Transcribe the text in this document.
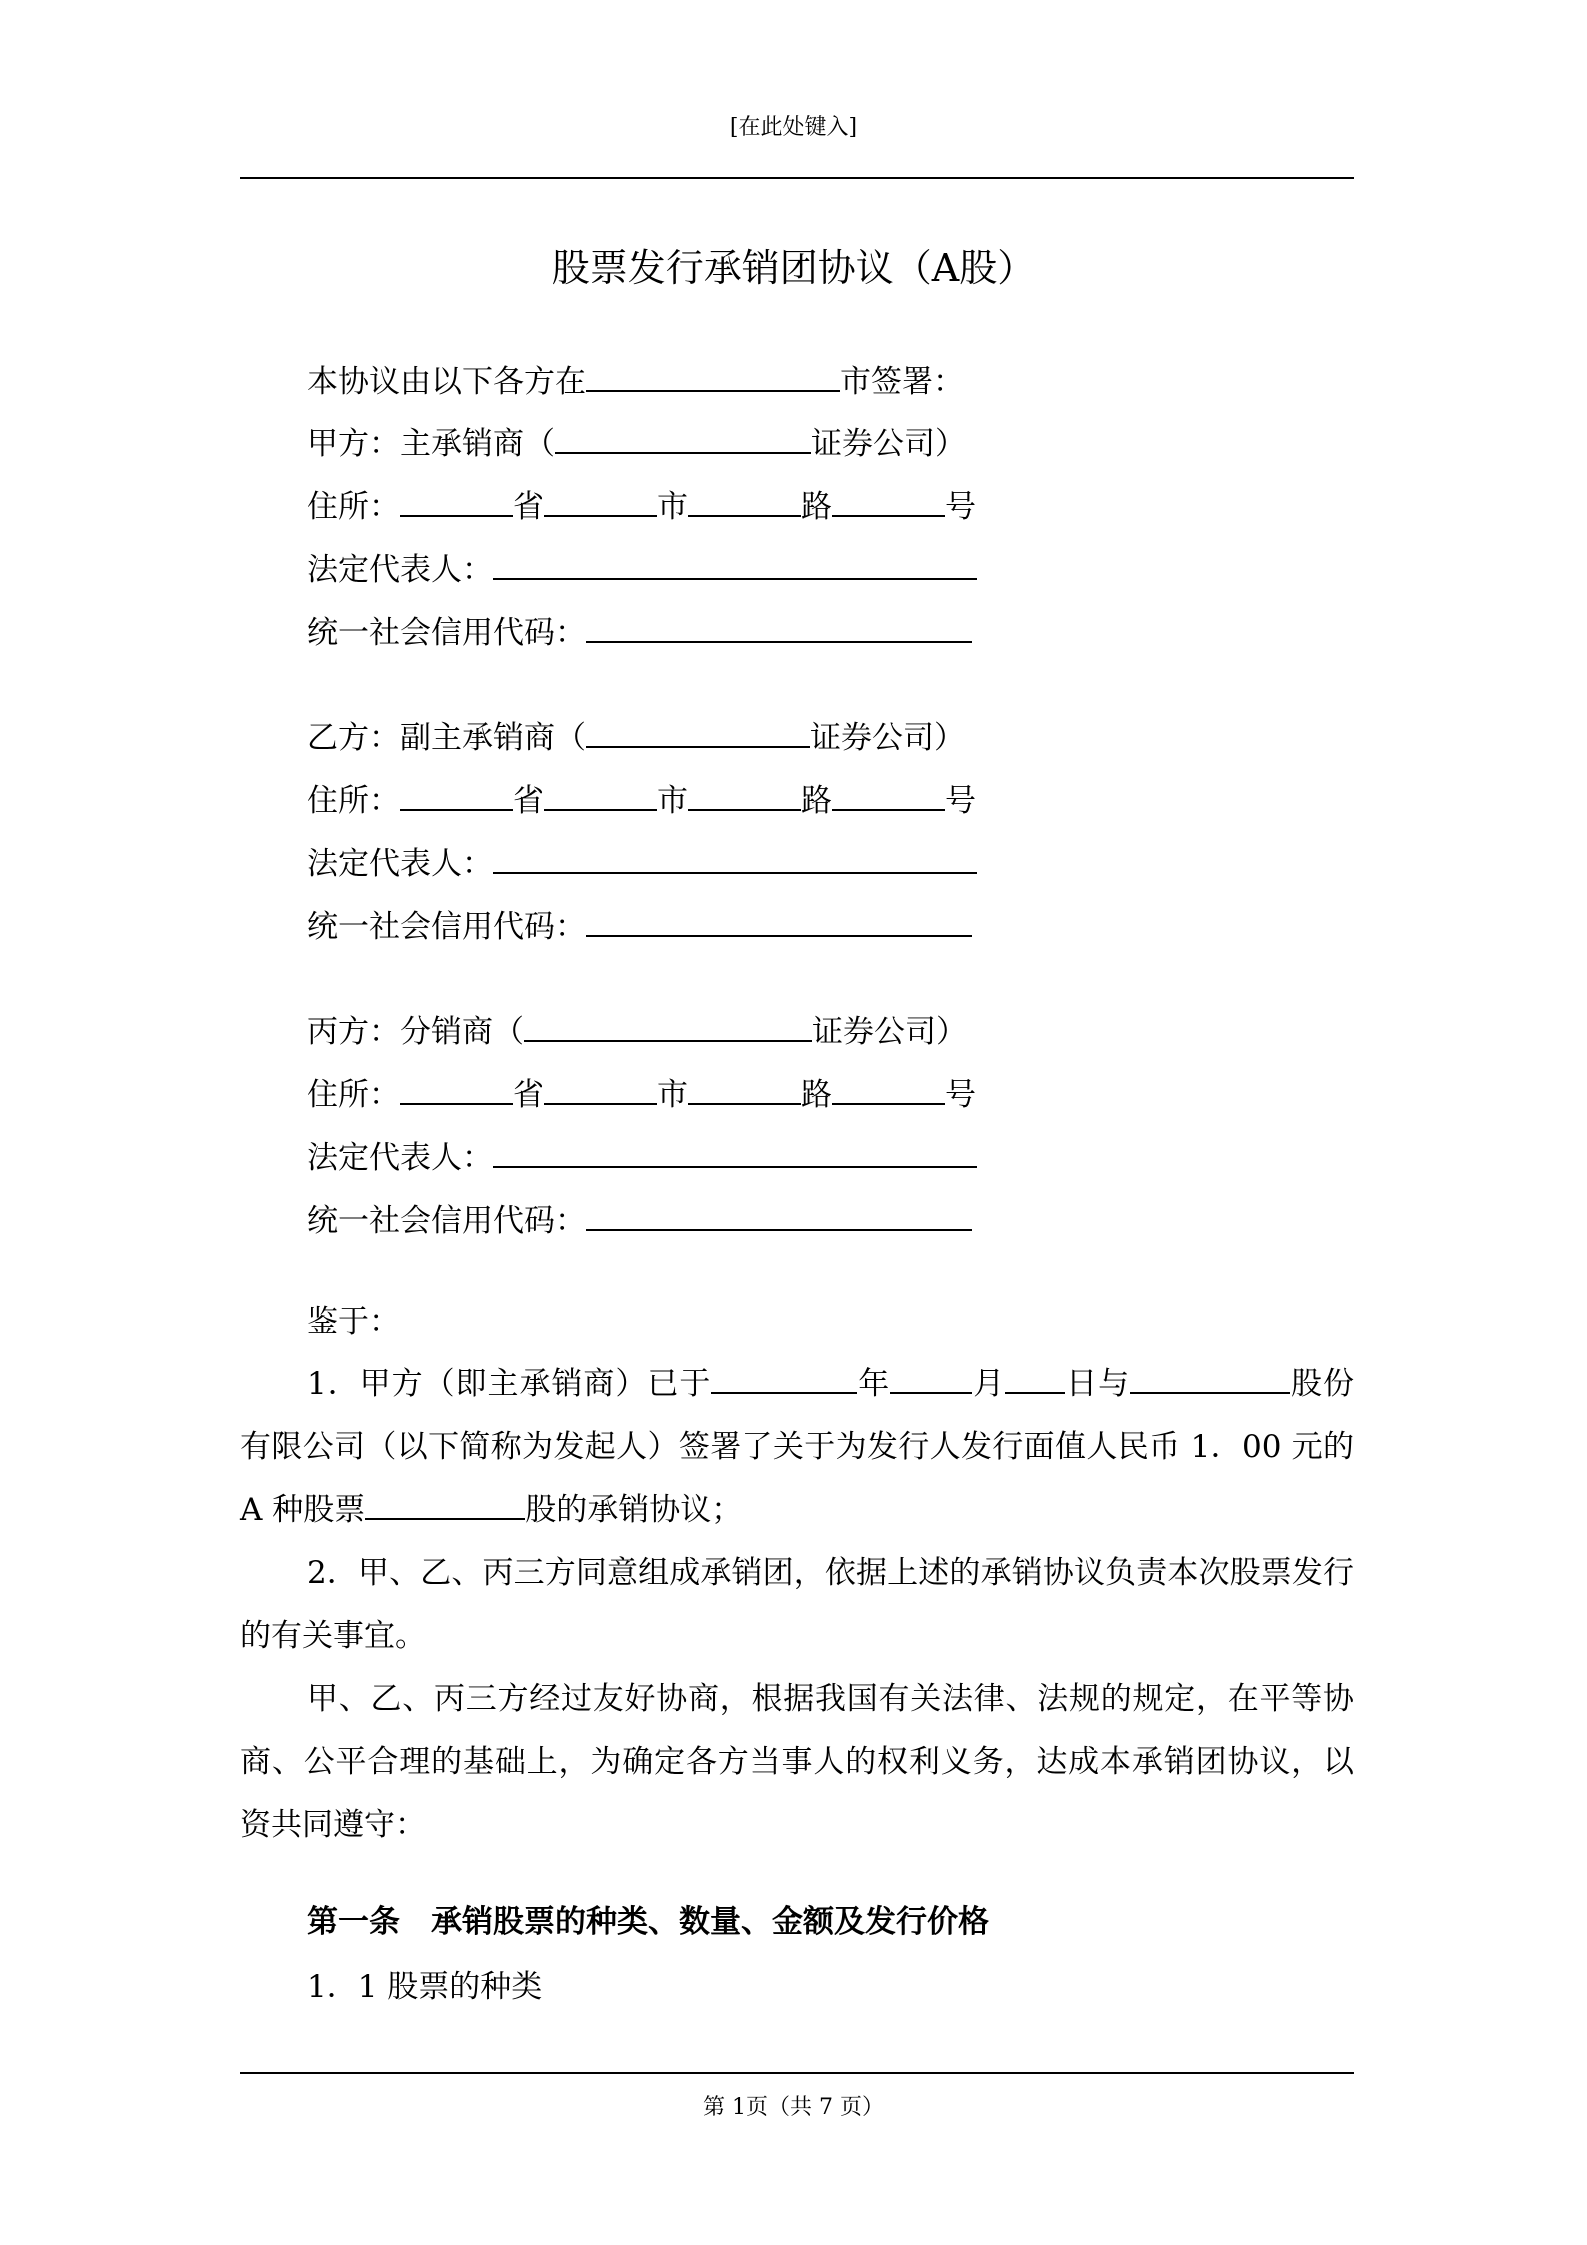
[在此处键入]
股票发行承销团协议（A股）
本协议由以下各方在	市签署：
甲方：主承销商（	证券公司）
住所：	省	市	路	号
法定代表人：
统一社会信用代码：
乙方：副主承销商（	证券公司）
住所：	省	市	路	号
法定代表人：
统一社会信用代码：
丙方：分销商（	证券公司）
住所：	省	市	路	号
法定代表人：
统一社会信用代码：
鉴于：
1．甲方（即主承销商）已于	年	月 日与	股份有限公司（以下简称为发起人）签署了关于为发行人发行面值人民币 1．00 元的 A 种股票	股的承销协议；
2．甲、乙、丙三方同意组成承销团，依据上述的承销协议负责本次股票发行的有关事宜。
甲、乙、丙三方经过友好协商，根据我国有关法律、法规的规定，在平等协商、公平合理的基础上，为确定各方当事人的权利义务，达成本承销团协议，以资共同遵守：
第一条　承销股票的种类、数量、金额及发行价格
1．1 股票的种类
第 1页（共 7 页）
